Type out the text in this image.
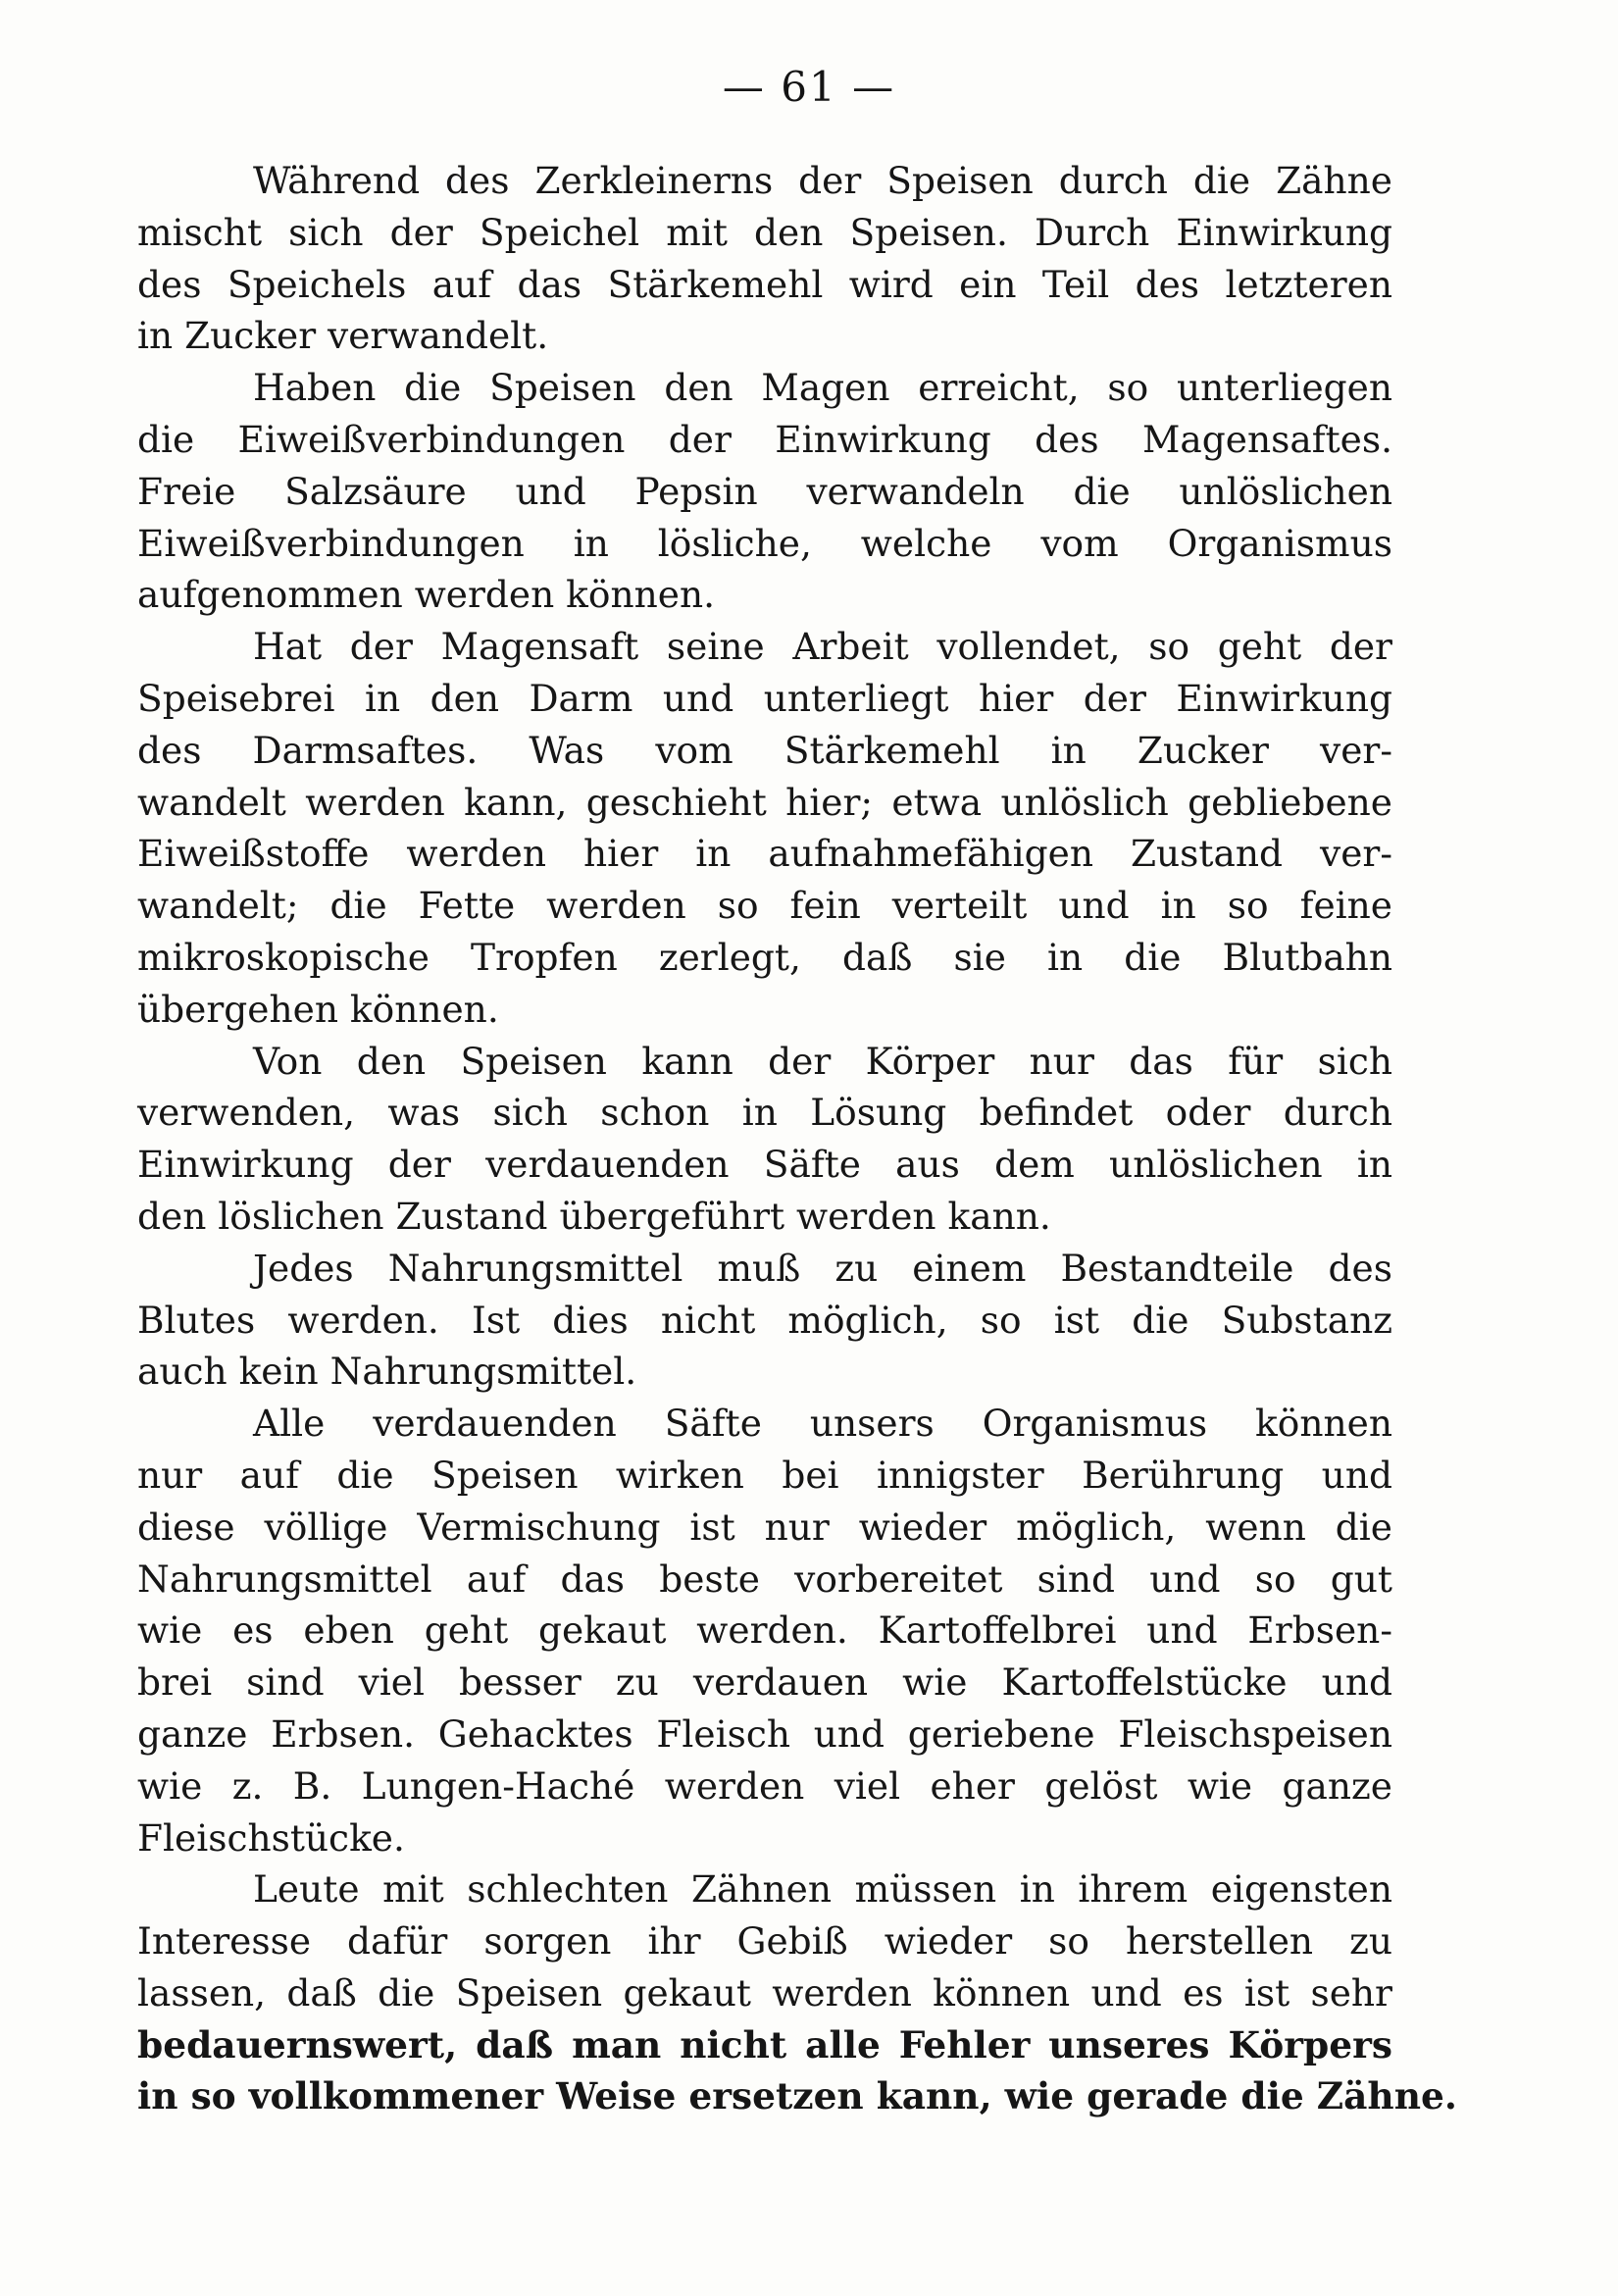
— 61 —

Während des Zerkleinerns der Speisen durch die Zähne
mischt sich der Speichel mit den Speisen. Durch Einwirkung
des Speichels auf das Stärkemehl wird ein Teil des letzteren
in Zucker verwandelt.

Haben die Speisen den Magen erreicht, so unterliegen
die Eiweißverbindungen der Einwirkung des Magensaftes.
Freie Salzsäure und Pepsin verwandeln die unlöslichen
Eiweißverbindungen in lösliche, welche vom Organismus
aufgenommen werden können.

Hat der Magensaft seine Arbeit vollendet, so geht der
Speisebrei in den Darm und unterliegt hier der Einwirkung
des Darmsaftes. Was vom Stärkemehl in Zucker ver-
wandelt werden kann, geschieht hier; etwa unlöslich gebliebene
Eiweißstoffe werden hier in aufnahmefähigen Zustand ver-
wandelt; die Fette werden so fein verteilt und in so feine
mikroskopische Tropfen zerlegt, daß sie in die Blutbahn
übergehen können.

Von den Speisen kann der Körper nur das für sich
verwenden, was sich schon in Lösung befindet oder durch
Einwirkung der verdauenden Säfte aus dem unlöslichen in
den löslichen Zustand übergeführt werden kann.

Jedes Nahrungsmittel muß zu einem Bestandteile des
Blutes werden. Ist dies nicht möglich, so ist die Substanz
auch kein Nahrungsmittel.

Alle verdauenden Säfte unsers Organismus können
nur auf die Speisen wirken bei innigster Berührung und
diese völlige Vermischung ist nur wieder möglich, wenn die
Nahrungsmittel auf das beste vorbereitet sind und so gut
wie es eben geht gekaut werden. Kartoffelbrei und Erbsen-
brei sind viel besser zu verdauen wie Kartoffelstücke und
ganze Erbsen. Gehacktes Fleisch und geriebene Fleischspeisen
wie z. B. Lungen-Haché werden viel eher gelöst wie ganze
Fleischstücke.

Leute mit schlechten Zähnen müssen in ihrem eigensten
Interesse dafür sorgen ihr Gebiß wieder so herstellen zu
lassen, daß die Speisen gekaut werden können und es ist sehr
bedauernswert, daß man nicht alle Fehler unseres Körpers
in so vollkommener Weise ersetzen kann, wie gerade die Zähne.
